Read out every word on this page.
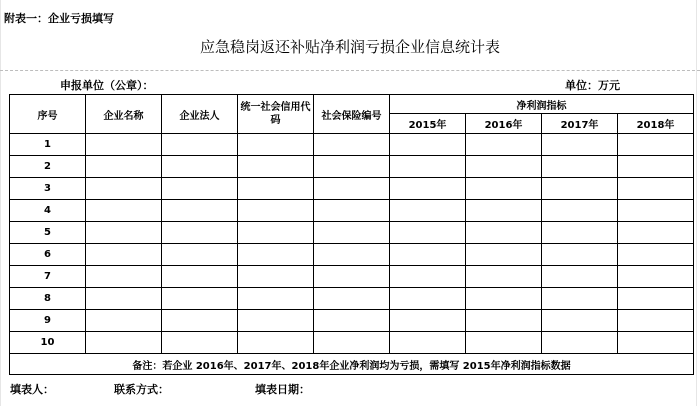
附表一：企业亏损填写
应急稳岗返还补贴净利润亏损企业信息统计表
申报单位（公章）：	单位：万元
序号	企业名称	企业法人	统一社会信用代码	社会保险编号	净利润指标			
					2015年	2016年	2017年	2018年
1								
2								
3								
4								
5								
6								
7								
8								
9								
10								
备注：若企业 2016年、2017年、2018年企业净利润均为亏损，需填写 2015年净利润指标数据								
填表人：	联系方式：	填表日期：
